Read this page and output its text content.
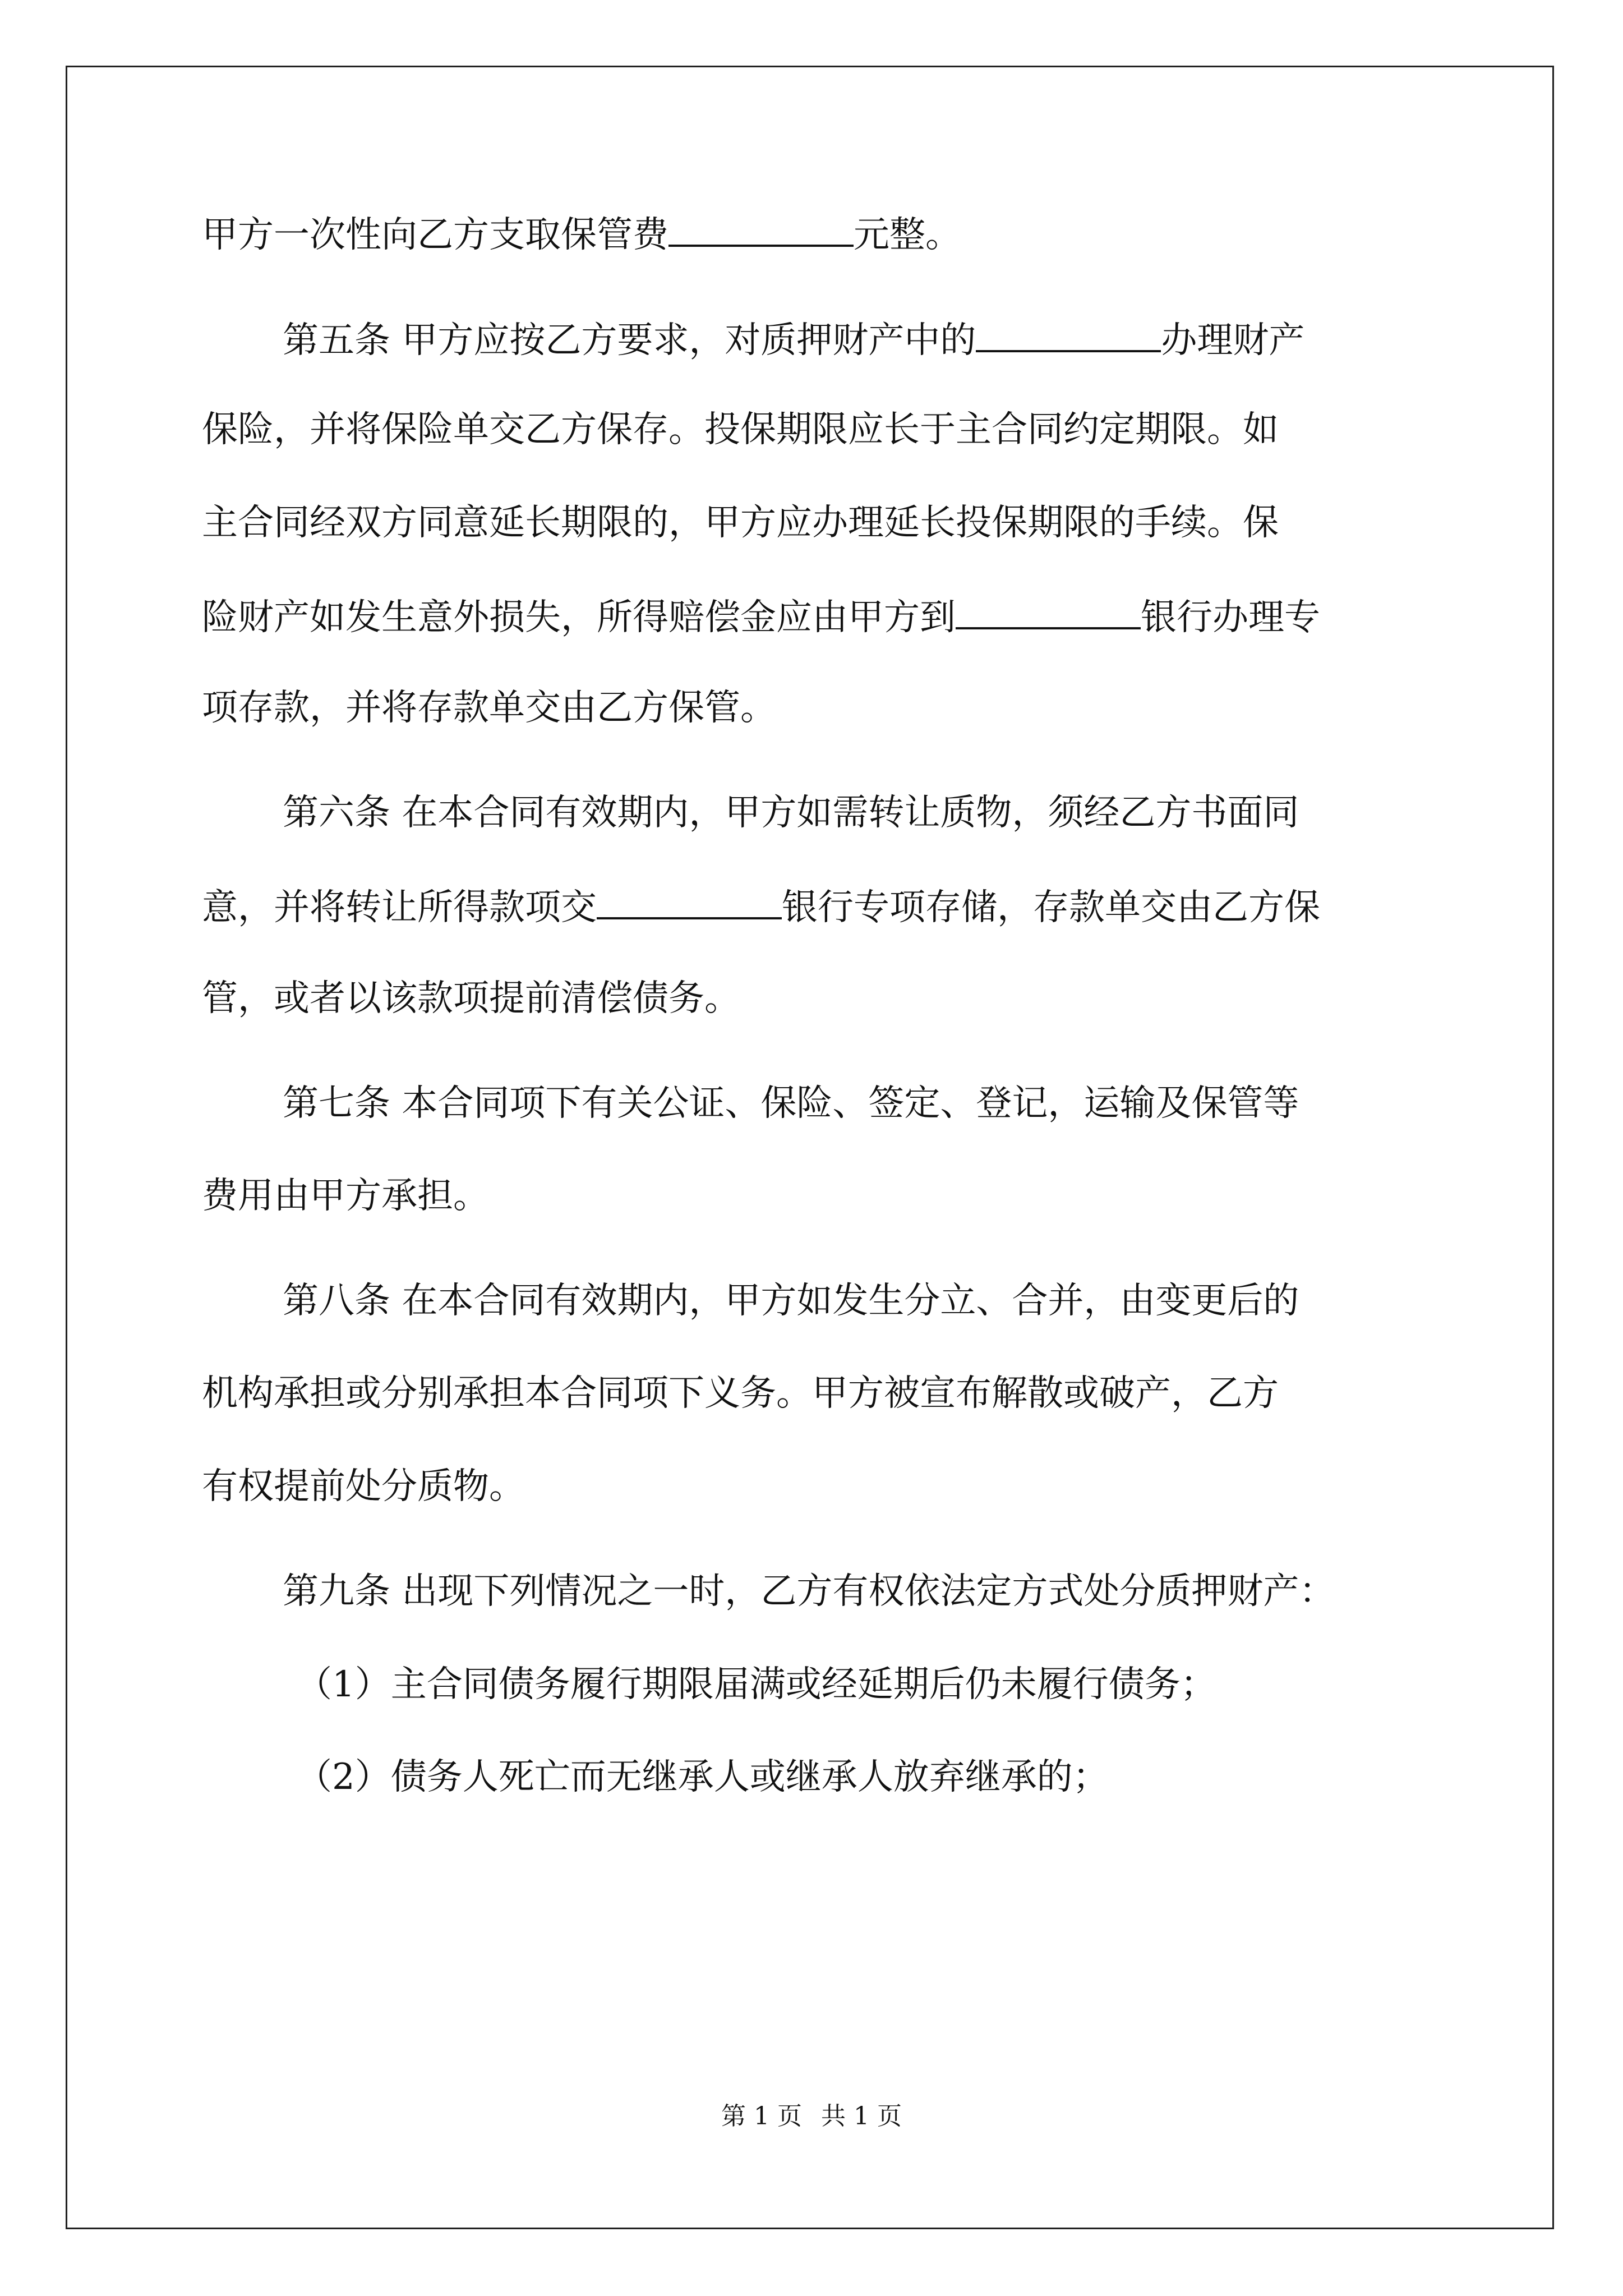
甲方一次性向乙方支取保管费	元整。
第五条 甲方应按乙方要求，对质押财产中的	办理财产
保险，并将保险单交乙方保存。投保期限应长于主合同约定期限。如
主合同经双方同意延长期限的，甲方应办理延长投保期限的手续。保
险财产如发生意外损失，所得赔偿金应由甲方到	银行办理专
项存款，并将存款单交由乙方保管。
第六条 在本合同有效期内，甲方如需转让质物，须经乙方书面同
意，并将转让所得款项交	银行专项存储，存款单交由乙方保
管，或者以该款项提前清偿债务。
第七条 本合同项下有关公证、保险、签定、登记，运输及保管等
费用由甲方承担。
第八条 在本合同有效期内，甲方如发生分立、合并，由变更后的
机构承担或分别承担本合同项下义务。甲方被宣布解散或破产，乙方
有权提前处分质物。
第九条 出现下列情况之一时，乙方有权依法定方式处分质押财产：
（1）主合同债务履行期限届满或经延期后仍未履行债务；
（2）债务人死亡而无继承人或继承人放弃继承的；
第 1 页 共 1 页
